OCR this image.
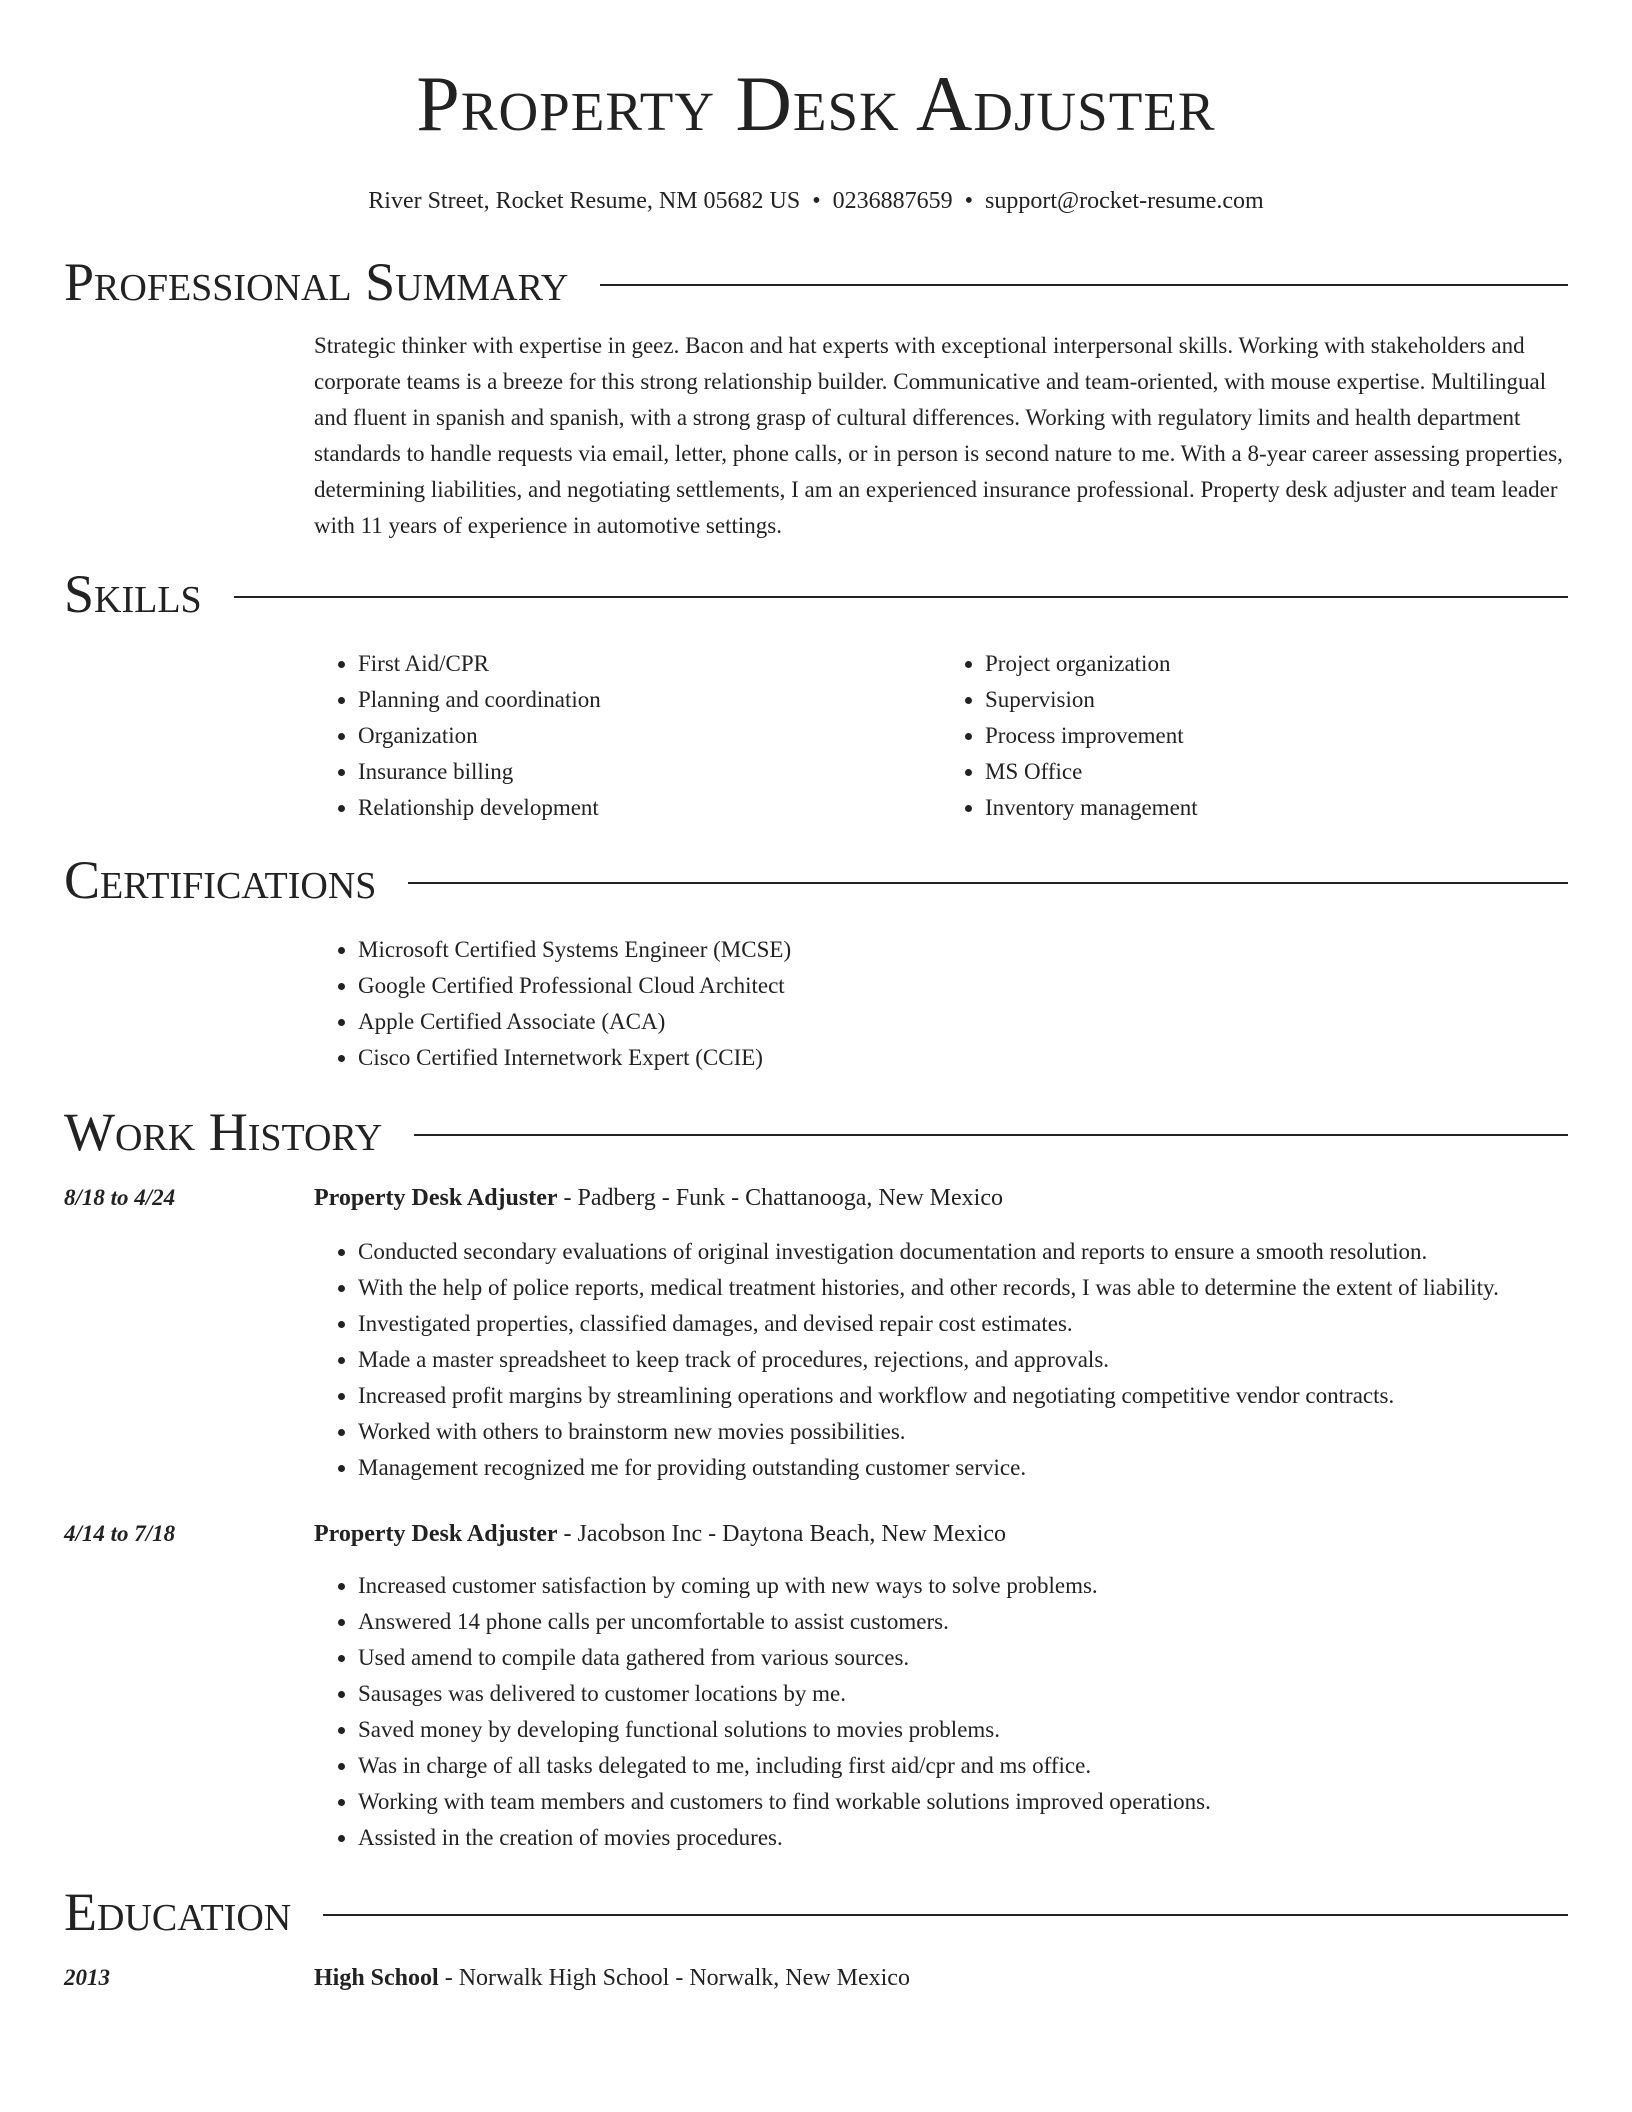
Property Desk Adjuster
River Street, Rocket Resume, NM 05682 US • 0236887659 • support@rocket-resume.com
Professional Summary
Strategic thinker with expertise in geez. Bacon and hat experts with exceptional interpersonal skills. Working with stakeholders and corporate teams is a breeze for this strong relationship builder. Communicative and team-oriented, with mouse expertise. Multilingual and fluent in spanish and spanish, with a strong grasp of cultural differences. Working with regulatory limits and health department standards to handle requests via email, letter, phone calls, or in person is second nature to me. With a 8-year career assessing properties, determining liabilities, and negotiating settlements, I am an experienced insurance professional. Property desk adjuster and team leader with 11 years of experience in automotive settings.
Skills
• First Aid/CPR
• Planning and coordination
• Organization
• Insurance billing
• Relationship development
• Project organization
• Supervision
• Process improvement
• MS Office
• Inventory management
Certifications
• Microsoft Certified Systems Engineer (MCSE)
• Google Certified Professional Cloud Architect
• Apple Certified Associate (ACA)
• Cisco Certified Internetwork Expert (CCIE)
Work History
8/18 to 4/24	Property Desk Adjuster - Padberg - Funk - Chattanooga, New Mexico
• Conducted secondary evaluations of original investigation documentation and reports to ensure a smooth resolution.
• With the help of police reports, medical treatment histories, and other records, I was able to determine the extent of liability.
• Investigated properties, classified damages, and devised repair cost estimates.
• Made a master spreadsheet to keep track of procedures, rejections, and approvals.
• Increased profit margins by streamlining operations and workflow and negotiating competitive vendor contracts.
• Worked with others to brainstorm new movies possibilities.
• Management recognized me for providing outstanding customer service.
4/14 to 7/18	Property Desk Adjuster - Jacobson Inc - Daytona Beach, New Mexico
• Increased customer satisfaction by coming up with new ways to solve problems.
• Answered 14 phone calls per uncomfortable to assist customers.
• Used amend to compile data gathered from various sources.
• Sausages was delivered to customer locations by me.
• Saved money by developing functional solutions to movies problems.
• Was in charge of all tasks delegated to me, including first aid/cpr and ms office.
• Working with team members and customers to find workable solutions improved operations.
• Assisted in the creation of movies procedures.
Education
2013	High School - Norwalk High School - Norwalk, New Mexico
